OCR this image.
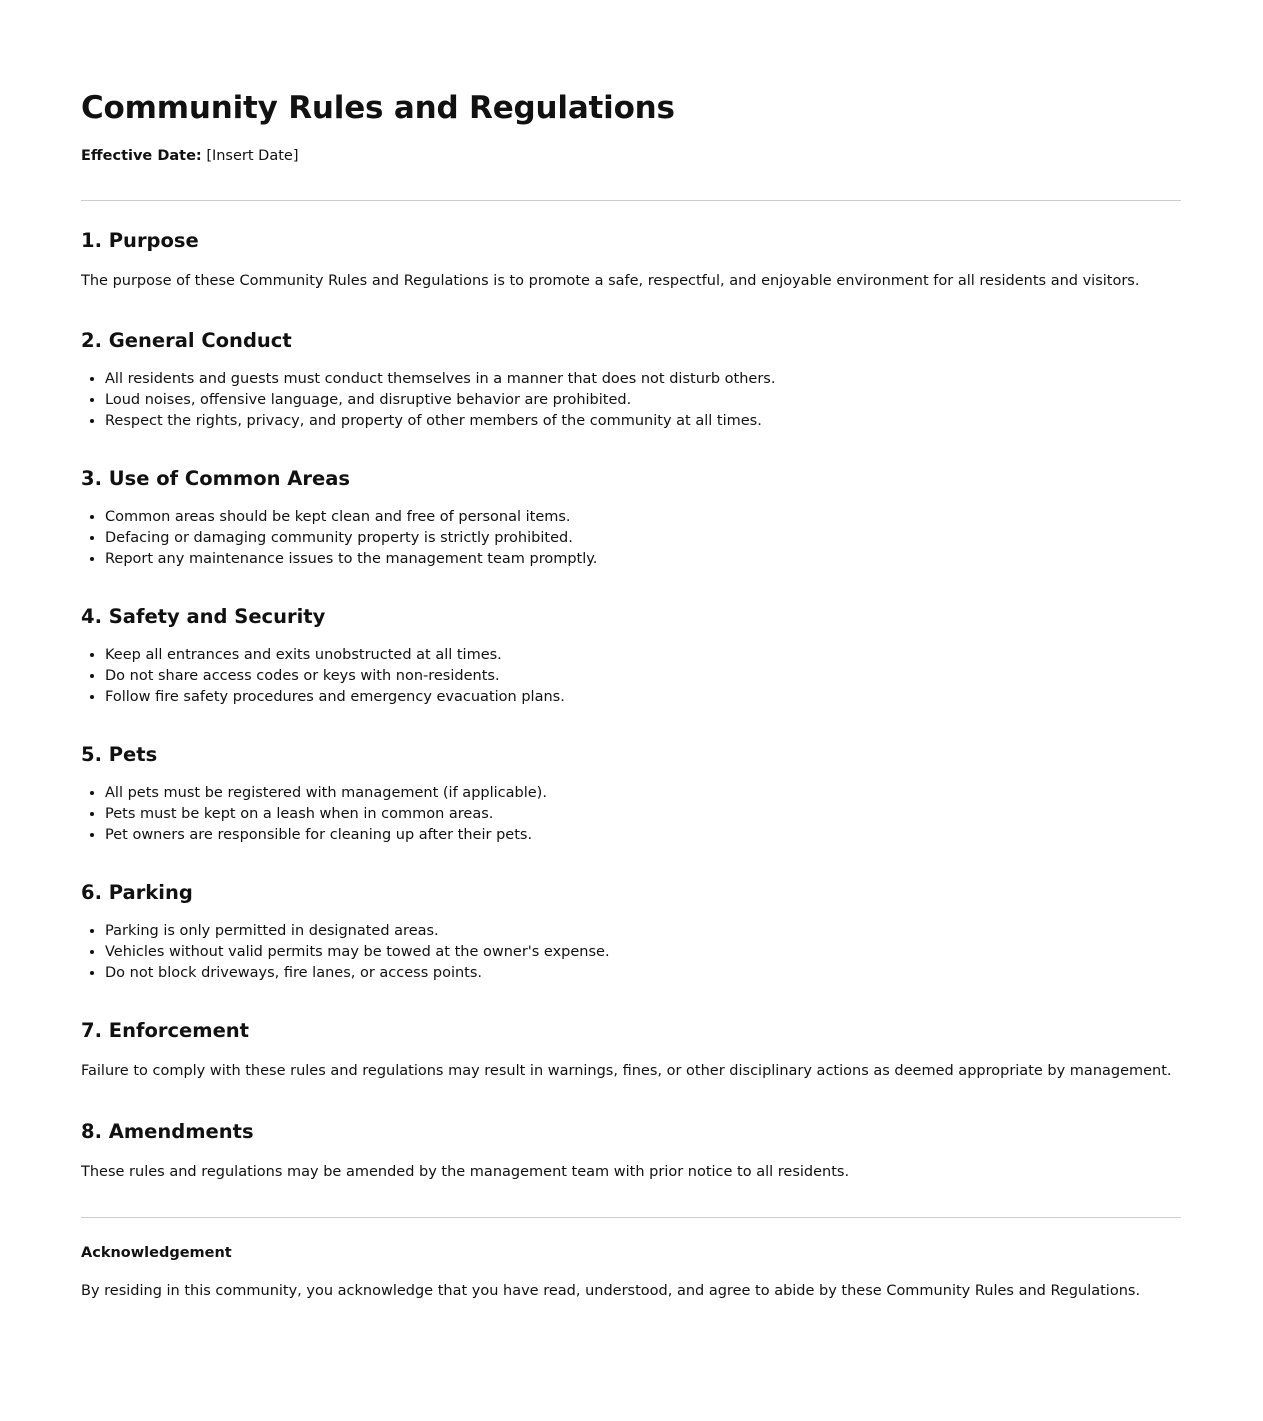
Community Rules and Regulations

Effective Date: [Insert Date]

1. Purpose

The purpose of these Community Rules and Regulations is to promote a safe, respectful, and enjoyable environment for all residents and visitors.

2. General Conduct
• All residents and guests must conduct themselves in a manner that does not disturb others.
• Loud noises, offensive language, and disruptive behavior are prohibited.
• Respect the rights, privacy, and property of other members of the community at all times.
3. Use of Common Areas
• Common areas should be kept clean and free of personal items.
• Defacing or damaging community property is strictly prohibited.
• Report any maintenance issues to the management team promptly.
4. Safety and Security
• Keep all entrances and exits unobstructed at all times.
• Do not share access codes or keys with non-residents.
• Follow fire safety procedures and emergency evacuation plans.
5. Pets
• All pets must be registered with management (if applicable).
• Pets must be kept on a leash when in common areas.
• Pet owners are responsible for cleaning up after their pets.
6. Parking
• Parking is only permitted in designated areas.
• Vehicles without valid permits may be towed at the owner's expense.
• Do not block driveways, fire lanes, or access points.
7. Enforcement

Failure to comply with these rules and regulations may result in warnings, fines, or other disciplinary actions as deemed appropriate by management.

8. Amendments

These rules and regulations may be amended by the management team with prior notice to all residents.

Acknowledgement

By residing in this community, you acknowledge that you have read, understood, and agree to abide by these Community Rules and Regulations.
